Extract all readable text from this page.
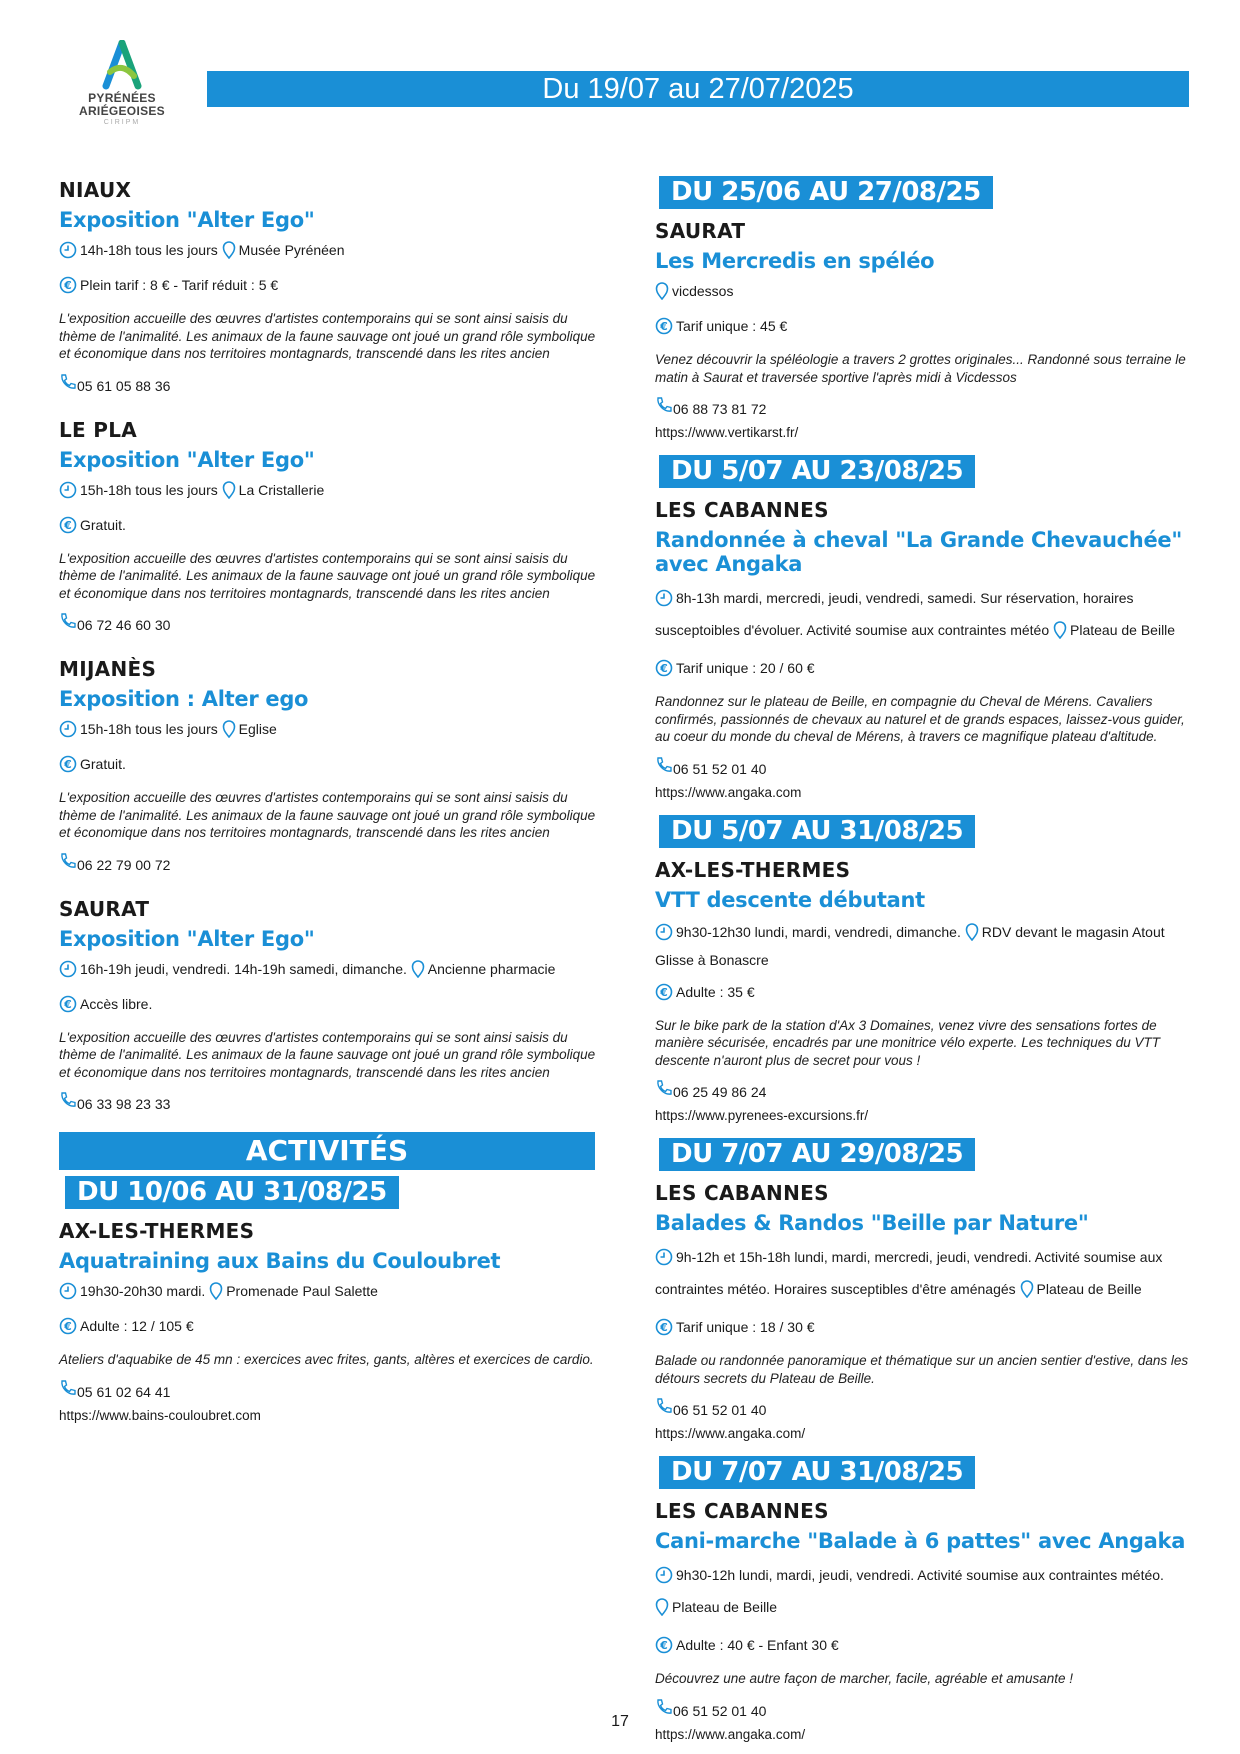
PYRÉNÉES
ARIÉGEOISES
CIRIPM
Du 19/07 au 27/07/2025
NIAUX
Exposition "Alter Ego"
14h-18h tous les jours Musée Pyrénéen
€ Plein tarif : 8 € - Tarif réduit : 5 €
L'exposition accueille des œuvres d'artistes contemporains qui se sont ainsi saisis du thème de l'animalité. Les animaux de la faune sauvage ont joué un grand rôle symbolique et économique dans nos territoires montagnards, transcendé dans les rites ancien
05 61 05 88 36
LE PLA
Exposition "Alter Ego"
15h-18h tous les jours La Cristallerie
€ Gratuit.
L'exposition accueille des œuvres d'artistes contemporains qui se sont ainsi saisis du thème de l'animalité. Les animaux de la faune sauvage ont joué un grand rôle symbolique et économique dans nos territoires montagnards, transcendé dans les rites ancien
06 72 46 60 30
MIJANÈS
Exposition : Alter ego
15h-18h tous les jours Eglise
€ Gratuit.
L'exposition accueille des œuvres d'artistes contemporains qui se sont ainsi saisis du thème de l'animalité. Les animaux de la faune sauvage ont joué un grand rôle symbolique et économique dans nos territoires montagnards, transcendé dans les rites ancien
06 22 79 00 72
SAURAT
Exposition "Alter Ego"
16h-19h jeudi, vendredi. 14h-19h samedi, dimanche. Ancienne pharmacie
€ Accès libre.
L'exposition accueille des œuvres d'artistes contemporains qui se sont ainsi saisis du thème de l'animalité. Les animaux de la faune sauvage ont joué un grand rôle symbolique et économique dans nos territoires montagnards, transcendé dans les rites ancien
06 33 98 23 33
ACTIVITÉS
DU 10/06 AU 31/08/25
AX-LES-THERMES
Aquatraining aux Bains du Couloubret
19h30-20h30 mardi. Promenade Paul Salette
€ Adulte : 12 / 105 €
Ateliers d'aquabike de 45 mn : exercices avec frites, gants, altères et exercices de cardio.
05 61 02 64 41
https://www.bains-couloubret.com
DU 25/06 AU 27/08/25
SAURAT
Les Mercredis en spéléo
vicdessos
€ Tarif unique : 45 €
Venez découvrir la spéléologie a travers 2 grottes originales... Randonné sous terraine le matin à Saurat et traversée sportive l'après midi à Vicdessos
06 88 73 81 72
https://www.vertikarst.fr/
DU 5/07 AU 23/08/25
LES CABANNES
Randonnée à cheval "La Grande Chevauchée" avec Angaka
8h-13h mardi, mercredi, jeudi, vendredi, samedi. Sur réservation, horaires susceptoibles d'évoluer. Activité soumise aux contraintes météo Plateau de Beille
€ Tarif unique : 20 / 60 €
Randonnez sur le plateau de Beille, en compagnie du Cheval de Mérens. Cavaliers confirmés, passionnés de chevaux au naturel et de grands espaces, laissez-vous guider, au coeur du monde du cheval de Mérens, à travers ce magnifique plateau d'altitude.
06 51 52 01 40
https://www.angaka.com
DU 5/07 AU 31/08/25
AX-LES-THERMES
VTT descente débutant
9h30-12h30 lundi, mardi, vendredi, dimanche. RDV devant le magasin Atout Glisse à Bonascre
€ Adulte : 35 €
Sur le bike park de la station d'Ax 3 Domaines, venez vivre des sensations fortes de manière sécurisée, encadrés par une monitrice vélo experte. Les techniques du VTT descente n'auront plus de secret pour vous !
06 25 49 86 24
https://www.pyrenees-excursions.fr/
DU 7/07 AU 29/08/25
LES CABANNES
Balades & Randos "Beille par Nature"
9h-12h et 15h-18h lundi, mardi, mercredi, jeudi, vendredi. Activité soumise aux contraintes météo. Horaires susceptibles d'être aménagés Plateau de Beille
€ Tarif unique : 18 / 30 €
Balade ou randonnée panoramique et thématique sur un ancien sentier d'estive, dans les détours secrets du Plateau de Beille.
06 51 52 01 40
https://www.angaka.com/
DU 7/07 AU 31/08/25
LES CABANNES
Cani-marche "Balade à 6 pattes" avec Angaka
9h30-12h lundi, mardi, jeudi, vendredi. Activité soumise aux contraintes météo.
Plateau de Beille
€ Adulte : 40 € - Enfant 30 €
Découvrez une autre façon de marcher, facile, agréable et amusante !
06 51 52 01 40
https://www.angaka.com/
17
